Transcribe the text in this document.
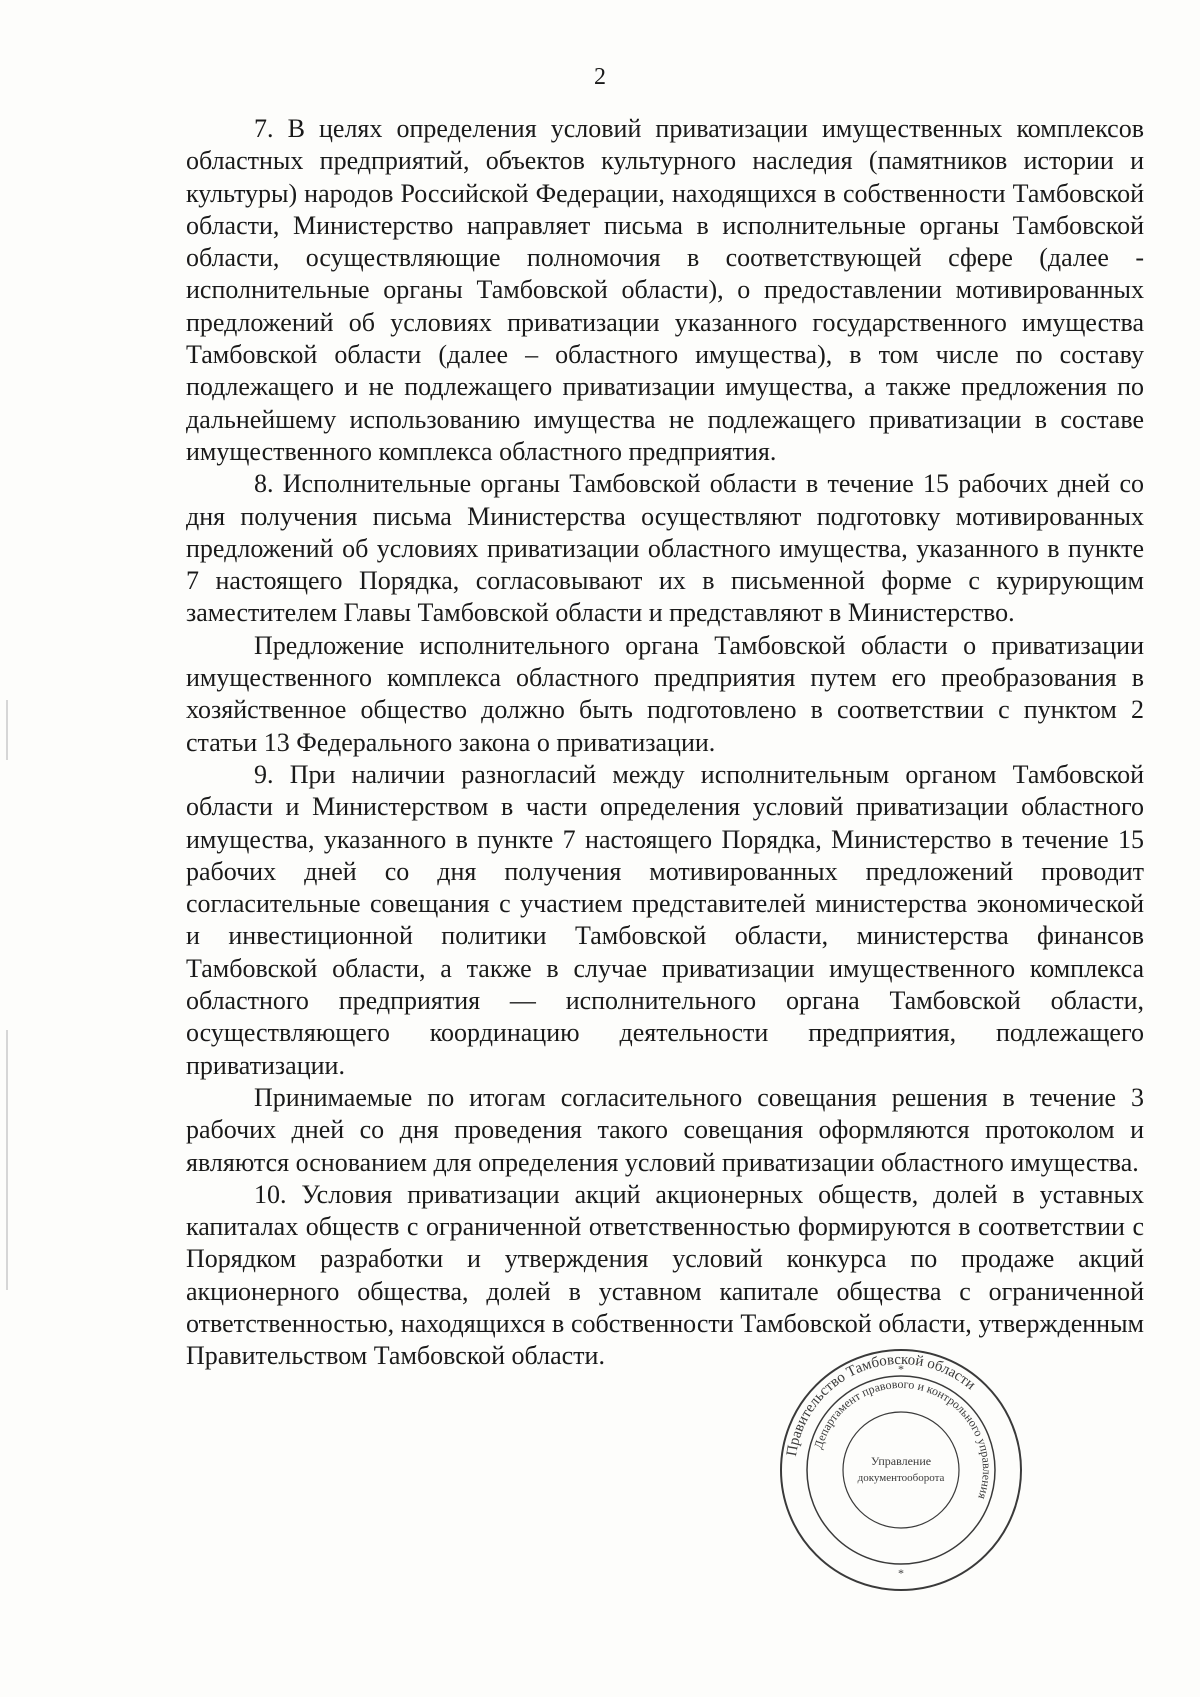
2

7. В целях определения условий приватизации имущественных комплексов областных предприятий, объектов культурного наследия (памятников истории и культуры) народов Российской Федерации, находящихся в собственности Тамбовской области, Министерство направляет письма в исполнительные органы Тамбовской области, осуществляющие полномочия в соответствующей сфере (далее - исполнительные органы Тамбовской области), о предоставлении мотивированных предложений об условиях приватизации указанного государственного имущества Тамбовской области (далее – областного имущества), в том числе по составу подлежащего и не подлежащего приватизации имущества, а также предложения по дальнейшему использованию имущества не подлежащего приватизации в составе имущественного комплекса областного предприятия.

8. Исполнительные органы Тамбовской области в течение 15 рабочих дней со дня получения письма Министерства осуществляют подготовку мотивированных предложений об условиях приватизации областного имущества, указанного в пункте 7 настоящего Порядка, согласовывают их в письменной форме с курирующим заместителем Главы Тамбовской области и представляют в Министерство.

Предложение исполнительного органа Тамбовской области о приватизации имущественного комплекса областного предприятия путем его преобразования в хозяйственное общество должно быть подготовлено в соответствии с пунктом 2 статьи 13 Федерального закона о приватизации.

9. При наличии разногласий между исполнительным органом Тамбовской области и Министерством в части определения условий приватизации областного имущества, указанного в пункте 7 настоящего Порядка, Министерство в течение 15 рабочих дней со дня получения мотивированных предложений проводит согласительные совещания с участием представителей министерства экономической и инвестиционной политики Тамбовской области, министерства финансов Тамбовской области, а также в случае приватизации имущественного комплекса областного предприятия — исполнительного органа Тамбовской области, осуществляющего координацию деятельности предприятия, подлежащего приватизации.

Принимаемые по итогам согласительного совещания решения в течение 3 рабочих дней со дня проведения такого совещания оформляются протоколом и являются основанием для определения условий приватизации областного имущества.

10. Условия приватизации акций акционерных обществ, долей в уставных капиталах обществ с ограниченной ответственностью формируются в соответствии с Порядком разработки и утверждения условий конкурса по продаже акций акционерного общества, долей в уставном капитале общества с ограниченной ответственностью, находящихся в собственности Тамбовской области, утвержденным Правительством Тамбовской области.

Правительство Тамбовской области
Департамент правового и контрольного управления
Управление
документооборота
*
*
